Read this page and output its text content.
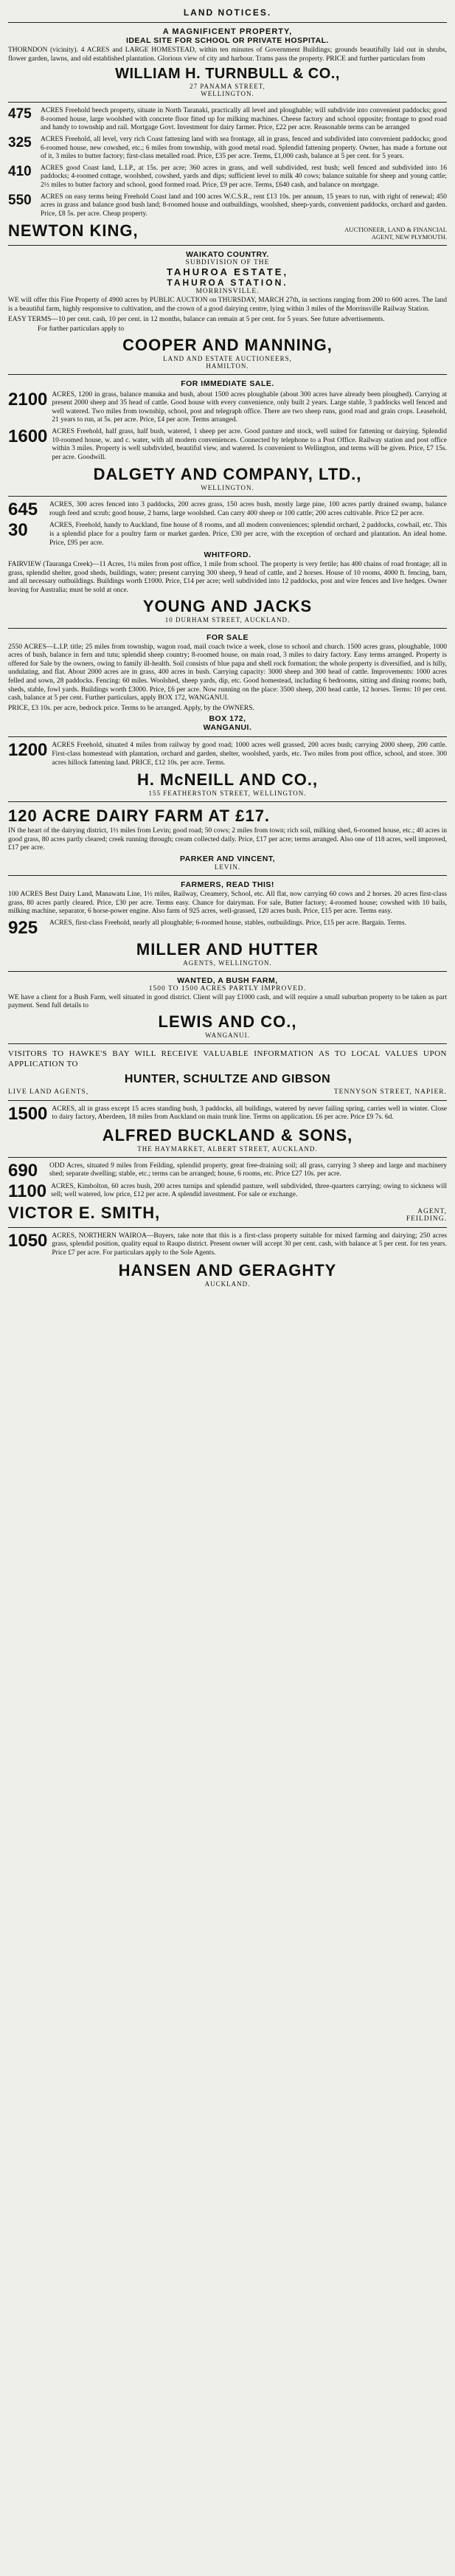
LAND NOTICES.
A MAGNIFICENT PROPERTY,
IDEAL SITE FOR SCHOOL OR PRIVATE HOSPITAL.

THORNDON (vicinity). 4 ACRES and LARGE HOMESTEAD, within ten minutes of Government Buildings; grounds beautifully laid out in shrubs, flower garden, lawns, and old established plantation. Glorious view of city and harbour. Trams pass the property. PRICE and further particulars from

WILLIAM H. TURNBULL & CO.,
27 PANAMA STREET,
WELLINGTON.
475	ACRES Freehold beech property, situate in North Taranaki, practically all level and ploughable; will subdivide into convenient paddocks; good 8-roomed house, large woolshed with concrete floor fitted up for milking machines. Cheese factory and school opposite; frontage to good road and handy to township and rail. Mortgage Govt. Investment for dairy farmer. Price, £22 per acre. Reasonable terms can be arranged

325	ACRES Freehold, all level, very rich Coast fattening land with sea frontage, all in grass, fenced and subdivided into convenient paddocks; good 6-roomed house, new cowshed, etc.; 6 miles from township, with good metal road. Splendid fattening property. Owner, has made a fortune out of it, 3 miles to butter factory; first-class metalled road. Price, £35 per acre. Terms, £1,000 cash, balance at 5 per cent. for 5 years.

410	ACRES good Coast land, L.I.P., at 15s. per acre; 360 acres in grass, and well subdivided, rest bush; well fenced and subdivided into 16 paddocks; 4-roomed cottage, woolshed, cowshed, yards and dips; sufficient level to milk 40 cows; balance suitable for sheep and young cattle; 2½ miles to butter factory and school, good formed road. Price, £9 per acre. Terms, £640 cash, and balance on mortgage.

550	ACRES on easy terms being Freehold Coast land and 100 acres W.C.S.R., rent £13 10s. per annum, 15 years to run, with right of renewal; 450 acres in grass and balance good bush land; 8-roomed house and outbuildings, woolshed, sheep-yards, convenient paddocks, orchard and garden. Price, £8 5s. per acre. Cheap property.

NEWTON KING,	AUCTIONEER, LAND & FINANCIAL
AGENT, NEW PLYMOUTH.
WAIKATO COUNTRY.
SUBDIVISION OF THE
TAHUROA ESTATE,
TAHUROA STATION.
MORRINSVILLE.

WE will offer this Fine Property of 4900 acres by PUBLIC AUCTION on THURSDAY, MARCH 27th, in sections ranging from 200 to 600 acres. The land is a beautiful farm, highly responsive to cultivation, and the crown of a good dairying centre, lying within 3 miles of the Morrinsville Railway Station.

EASY TERMS—10 per cent. cash, 10 per cent. in 12 months, balance can remain at 5 per cent. for 5 years. See future advertisements.

For further particulars apply to

COOPER AND MANNING,
LAND AND ESTATE AUCTIONEERS,
HAMILTON.
FOR IMMEDIATE SALE.
2100 ACRES, 1200 in grass, balance manuka and bush, about 1500 acres ploughable (about 300 acres have already been ploughed). Carrying at present 2000 sheep and 35 head of cattle. Good house with every convenience, only built 2 years. Large stable, 3 paddocks well fenced and well watered. Two miles from township, school, post and telegraph office. There are two sheep runs, good road and grain crops. Leasehold, 21 years to run, at 5s. per acre. Price, £4 per acre. Terms arranged.

1600 ACRES Freehold, half grass, half bush, watered, 1 sheep per acre. Good pasture and stock, well suited for fattening or dairying. Splendid 10-roomed house, w. and c. water, with all modern conveniences. Connected by telephone to a Post Office. Railway station and post office within 3 miles. Property is well subdivided, beautiful view, and watered. Is convenient to Wellington, and terms will be given. Price, £7 15s. per acre. Goodwill.

DALGETY AND COMPANY, LTD.,
WELLINGTON.
645	ACRES, 300 acres fenced into 3 paddocks, 200 acres grass, 150 acres bush, mostly large pine, 100 acres partly drained swamp, balance rough feed and scrub; good house, 2 barns, large woolshed. Can carry 400 sheep or 100 cattle; 200 acres cultivable. Price £2 per acre.

30	ACRES, Freehold, handy to Auckland, fine house of 8 rooms, and all modern conveniences; splendid orchard, 2 paddocks, cowbail, etc. This is a splendid place for a poultry farm or market garden. Price, £30 per acre, with the exception of orchard and plantation. An ideal home. Price, £95 per acre.

WHITFORD.

FAIRVIEW (Tauranga Creek)—11 Acres, 1¼ miles from post office, 1 mile from school. The property is very fertile; has 400 chains of road frontage; all in grass, splendid shelter, good sheds, buildings, water; present carrying 300 sheep, 9 head of cattle, and 2 horses. House of 10 rooms, 4000 ft. fencing, barn, and all necessary outbuildings. Buildings worth £1000. Price, £14 per acre; well subdivided into 12 paddocks, post and wire fences and live hedges. Owner leaving for Australia; must be sold at once.

YOUNG AND JACKS
10 DURHAM STREET, AUCKLAND.
FOR SALE

2550 ACRES—L.I.P. title; 25 miles from township, wagon road, mail coach twice a week, close to school and church. 1500 acres grass, ploughable, 1000 acres of bush, balance in fern and tutu; splendid sheep country; 8-roomed house, on main road, 3 miles to dairy factory. Easy terms arranged. Property is offered for Sale by the owners, owing to family ill-health. Soil consists of blue papa and shell rock formation; the whole property is diversified, and is hilly, undulating, and flat. About 2000 acres are in grass, 400 acres in bush. Carrying capacity: 3000 sheep and 300 head of cattle. Improvements: 1000 acres felled and sown, 28 paddocks. Fencing: 60 miles. Woolshed, sheep yards, dip, etc. Good homestead, including 6 bedrooms, sitting and dining rooms; bath, sheds, stable, fowl yards. Buildings worth £3000. Price, £6 per acre. Now running on the place: 3500 sheep, 200 head cattle, 12 horses. Terms: 10 per cent. cash, balance at 5 per cent. Further particulars, apply BOX 172, WANGANUI.

PRICE, £3 10s. per acre, bedrock price. Terms to be arranged. Apply, by the OWNERS.

BOX 172,
WANGANUI.
1200 ACRES Freehold, situated 4 miles from railway by good road; 1000 acres well grassed, 200 acres bush; carrying 2000 sheep, 200 cattle. First-class homestead with plantation, orchard and garden, shelter, woolshed, yards, etc. Two miles from post office, school, and store. 300 acres hillock fattening land. PRICE, £12 10s. per acre. Terms.

H. McNEILL AND CO.,
155 FEATHERSTON STREET, WELLINGTON.
120 ACRE DAIRY FARM AT £17.

IN the heart of the dairying district, 1½ miles from Levin; good road; 50 cows; 2 miles from town; rich soil, milking shed, 6-roomed house, etc.; 40 acres in good grass, 80 acres partly cleared; creek running through; cream collected daily. Price, £17 per acre; terms arranged. Also one of 118 acres, well improved, £17 per acre.

PARKER AND VINCENT,
LEVIN.
FARMERS, READ THIS!

100 ACRES Best Dairy Land, Manawatu Line, 1½ miles, Railway, Creamery, School, etc. All flat, now carrying 60 cows and 2 horses. 20 acres first-class grass, 80 acres partly cleared. Price, £30 per acre. Terms easy. Chance for dairyman. For sale, Butter factory; 4-roomed house; cowshed with 10 bails, milking machine, separator, 6 horse-power engine. Also farm of 925 acres, well-grassed, 120 acres bush. Price, £15 per acre. Terms easy.

925	ACRES, first-class Freehold, nearly all ploughable; 6-roomed house, stables, outbuildings. Price, £15 per acre. Bargain. Terms.

MILLER AND HUTTER
AGENTS, WELLINGTON.
WANTED, A BUSH FARM,
1500 TO 1500 ACRES PARTLY IMPROVED.

WE have a client for a Bush Farm, well situated in good district. Client will pay £1000 cash, and will require a small suburban property to be taken as part payment. Send full details to

LEWIS AND CO.,
WANGANUI.

VISITORS TO HAWKE'S BAY WILL RECEIVE VALUABLE INFORMATION AS TO LOCAL VALUES UPON APPLICATION TO

HUNTER, SCHULTZE AND GIBSON
LIVE LAND AGENTS,	TENNYSON STREET, NAPIER.
1500 ACRES, all in grass except 15 acres standing bush, 3 paddocks, all buildings, watered by never failing spring, carries well in winter. Close to dairy factory, Aberdeen, 18 miles from Auckland on main trunk line. Terms on application. £6 per acre. Price £9 7s. 6d.

ALFRED BUCKLAND & SONS,
THE HAYMARKET, ALBERT STREET, AUCKLAND.
690	ODD Acres, situated 9 miles from Feilding, splendid property, great free-draining soil; all grass, carrying 3 sheep and large and machinery shed; separate dwelling; stable, etc.; terms can be arranged; house, 6 rooms, etc. Price £27 10s. per acre.

1100 ACRES, Kimbolton, 60 acres bush, 200 acres turnips and splendid pasture, well subdivided, three-quarters carrying; owing to sickness will sell; well watered, low price, £12 per acre. A splendid investment. For sale or exchange.

VICTOR E. SMITH,	AGENT,
FEILDING.
1050 ACRES, NORTHERN WAIROA—Buyers, take note that this is a first-class property suitable for mixed farming and dairying; 250 acres grass, splendid position, quality equal to Raupo district. Present owner will accept 30 per cent. cash, with balance at 5 per cent. for ten years. Price £7 per acre. For particulars apply to the Sole Agents.

HANSEN AND GERAGHTY
AUCKLAND.
